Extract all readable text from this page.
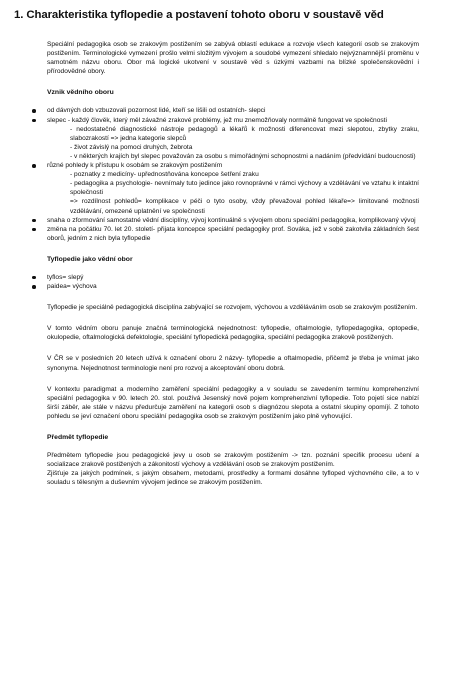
1. Charakteristika tyflopedie a postavení tohoto oboru v soustavě věd

Speciální pedagogika osob se zrakovým postižením se zabývá oblastí edukace a rozvoje všech kategorií osob se zrakovým postižením. Terminologické vymezení prošlo velmi složitým vývojem a soudobé vymezení shledalo nejvýznamnější proměnu v samotném názvu oboru. Obor má logické ukotvení v soustavě věd s úzkými vazbami na blízké společenskovědní i přírodovědné obory.

Vznik vědního oboru

od dávných dob vzbuzovali pozornost lidé, kteří se lišili od ostatních- slepci
slepec - každý člověk, který měl závažné zrakové problémy, jež mu znemožňovaly normálně fungovat ve společnosti
- nedostatečné diagnostické nástroje pedagogů a lékařů k možnosti diferencovat mezi slepotou, zbytky zraku, slabozrakostí => jedna kategorie slepců
- život závislý na pomoci druhých, žebrota
- v některých krajích byl slepec považován za osobu s mimořádnými schopnostmi a nadáním (předvídání budoucnosti)
různé pohledy k přístupu k osobám se zrakovým postižením
- poznatky z medicíny- upřednostňována koncepce šetření zraku
- pedagogika a psychologie- nevnímaly tuto jedince jako rovnoprávné v rámci výchovy a vzdělávání ve vztahu k intaktní společnosti
=> rozdílnost pohledů= komplikace v péči o tyto osoby, vždy převažoval pohled lékaře=> limitované možnosti vzdělávání, omezené uplatnění ve společnosti
snaha o zformování samostatné vědní disciplíny, vývoj kontinuálně s vývojem oboru speciální pedagogika, komplikovaný vývoj
změna na počátku 70. let 20. století- přijata koncepce speciální pedagogiky prof. Sováka, jež v sobě zakotvila základních šest oborů, jedním z nich byla tyflopedie

Tyflopedie jako vědní obor

tyflos= slepý
paidea= výchova

Tyflopedie je speciálně pedagogická disciplína zabývající se rozvojem, výchovou a vzděláváním osob se zrakovým postižením.

V tomto vědním oboru panuje značná terminologická nejednotnost: tyflopedie, oftalmologie, tyflopedagogika, optopedie, okulopedie, oftalmologická defektologie, speciální tyflopedická pedagogika, speciální pedagogika zrakově postižených.

V ČR se v posledních 20 letech užívá k označení oboru 2 názvy- tyflopedie a oftalmopedie, přičemž je třeba je vnímat jako synonyma. Nejednotnost terminologie není pro rozvoj a akceptování oboru dobrá.

V kontextu paradigmat a moderního zaměření speciální pedagogiky a v souladu se zavedením termínu komprehenzivní speciální pedagogika v 90. letech 20. stol. používá Jesenský nově pojem komprehenzivní tyflopedie. Toto pojetí sice nabízí širší záběr, ale stále v názvu předurčuje zaměření na kategorii osob s diagnózou slepota a ostatní skupiny opomíjí. Z tohoto pohledu se jeví označení oboru speciální pedagogika osob se zrakovým postižením jako plně vyhovující.

Předmět tyflopedie

Předmětem tyflopedie jsou pedagogické jevy u osob se zrakovým postižením -> tzn. poznání specifik procesu učení a socializace zrakově postižených a zákonitostí výchovy a vzdělávání osob se zrakovým postižením.

Zjišťuje za jakých podmínek, s jakým obsahem, metodami, prostředky a formami dosáhne tyfloped výchovného cíle, a to v souladu s tělesným a duševním vývojem jedince se zrakovým postižením.
